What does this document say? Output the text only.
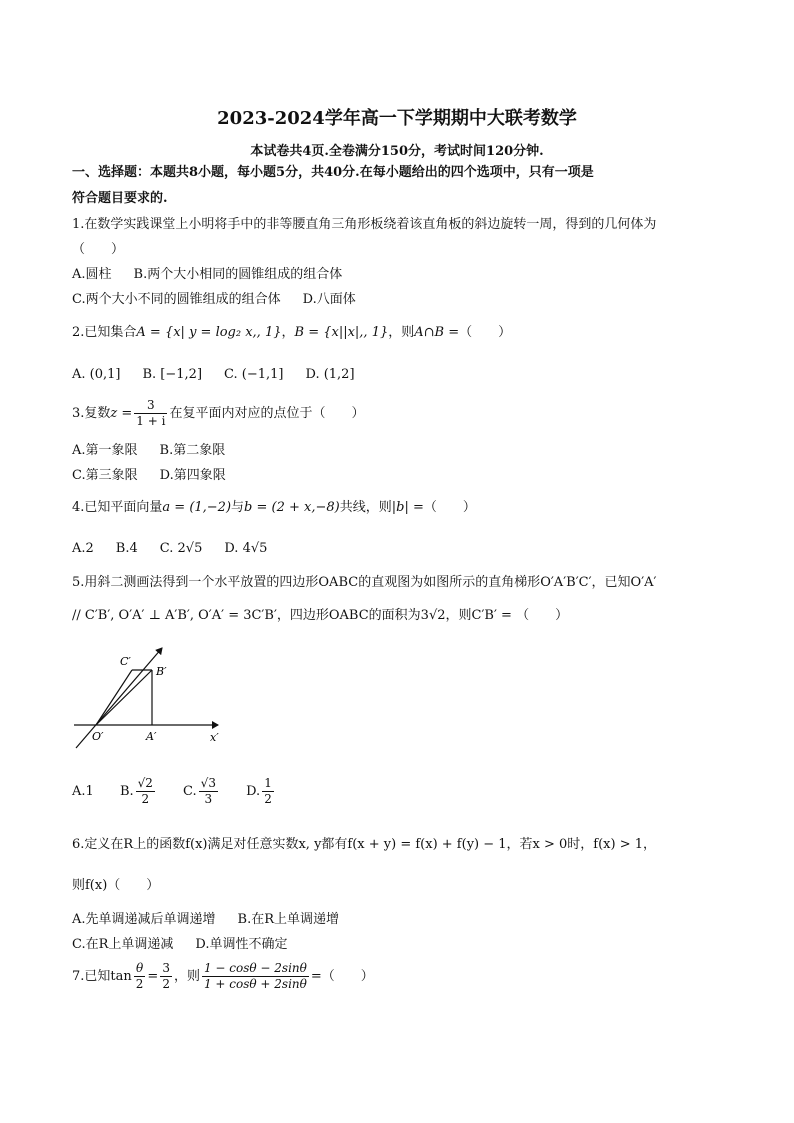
2023-2024学年高一下学期期中大联考数学
本试卷共4页.全卷满分150分，考试时间120分钟.
一、选择题：本题共8小题，每小题5分，共40分.在每小题给出的四个选项中，只有一项是
符合题目要求的.
1.在数学实践课堂上小明将手中的非等腰直角三角形板绕着该直角板的斜边旋转一周，得到的几何体为
（　　）
A.圆柱 B.两个大小相同的圆锥组成的组合体
C.两个大小不同的圆锥组成的组合体 D.八面体
2.已知集合A = {x| y = log₂ x,, 1}，B = {x||x|,, 1}，则A∩B =（　　）
A. (0,1] B. [−1,2] C. (−1,1] D. (1,2]
3.复数$z = \frac{3}{1 + i}$ 在复平面内对应的点位于（　　）
A.第一象限 B.第二象限
C.第三象限 D.第四象限
4.已知平面向量a = (1,−2)与b = (2 + x,−8)共线，则|b| =（　　）
A.2 B.4 C. 2√5 D. 4√5
5.用斜二测画法得到一个水平放置的四边形OABC的直观图为如图所示的直角梯形O′A′B′C′，已知O′A′
// C′B′, O′A′ ⊥ A′B′, O′A′ = 3C′B′，四边形OABC的面积为3√2，则C′B′ = （　　）
C′
B′
O′	A′	x′
A.1 B. $\frac{√2}{2} C$. $\frac{√3}{3} D$. $\frac{1}{2}$
6.定义在R上的函数f(x)满足对任意实数x, y都有f(x + y) = f(x) + f(y) − 1，若x > 0时，f(x) > 1，
则f(x)（　　）
A.先单调递减后单调递增 B.在R上单调递增
C.在R上单调递减 D.单调性不确定
7.已知$\tan \frac{\theta}{2} = \frac{3}{2}$ ，则 $\frac{1 - \cos\theta - 2\sin\theta}{1 + \cos\theta + 2\sin\theta}$ =（　　）
